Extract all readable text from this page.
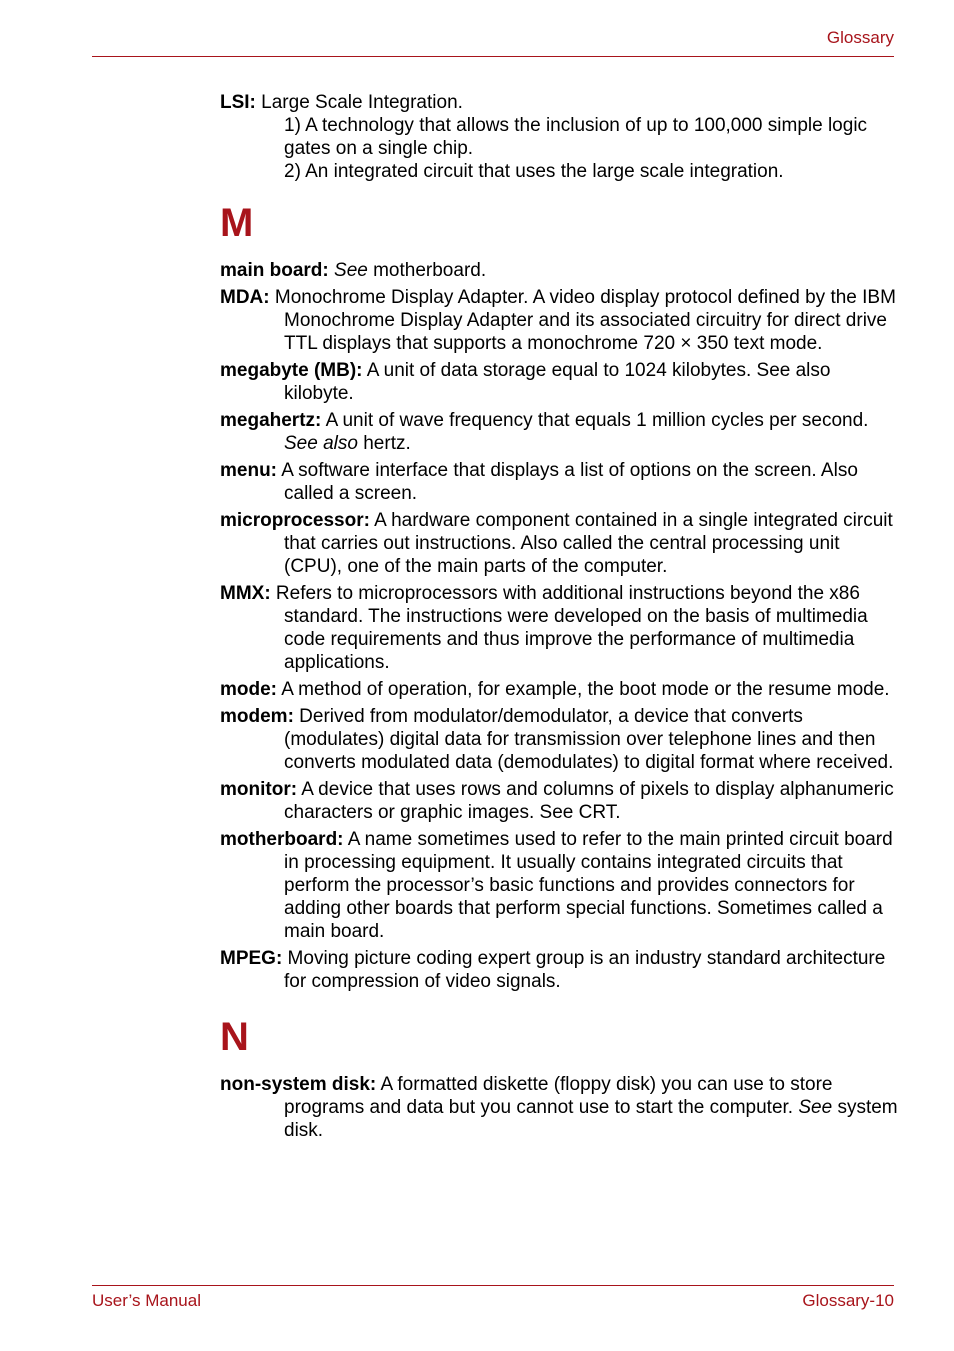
Glossary

LSI: Large Scale Integration.
1) A technology that allows the inclusion of up to 100,000 simple logic gates on a single chip.
2) An integrated circuit that uses the large scale integration.

M

main board: See motherboard.

MDA: Monochrome Display Adapter. A video display protocol defined by the IBM Monochrome Display Adapter and its associated circuitry for direct drive TTL displays that supports a monochrome 720 × 350 text mode.

megabyte (MB): A unit of data storage equal to 1024 kilobytes. See also kilobyte.

megahertz: A unit of wave frequency that equals 1 million cycles per second. See also hertz.

menu: A software interface that displays a list of options on the screen. Also called a screen.

microprocessor: A hardware component contained in a single integrated circuit that carries out instructions. Also called the central processing unit (CPU), one of the main parts of the computer.

MMX: Refers to microprocessors with additional instructions beyond the x86 standard. The instructions were developed on the basis of multimedia code requirements and thus improve the performance of multimedia applications.

mode: A method of operation, for example, the boot mode or the resume mode.

modem: Derived from modulator/demodulator, a device that converts (modulates) digital data for transmission over telephone lines and then converts modulated data (demodulates) to digital format where received.

monitor: A device that uses rows and columns of pixels to display alphanumeric characters or graphic images. See CRT.

motherboard: A name sometimes used to refer to the main printed circuit board in processing equipment. It usually contains integrated circuits that perform the processor’s basic functions and provides connectors for adding other boards that perform special functions. Sometimes called a main board.

MPEG: Moving picture coding expert group is an industry standard architecture for compression of video signals.

N

non-system disk: A formatted diskette (floppy disk) you can use to store programs and data but you cannot use to start the computer. See system disk.

User’s Manual	Glossary-10
